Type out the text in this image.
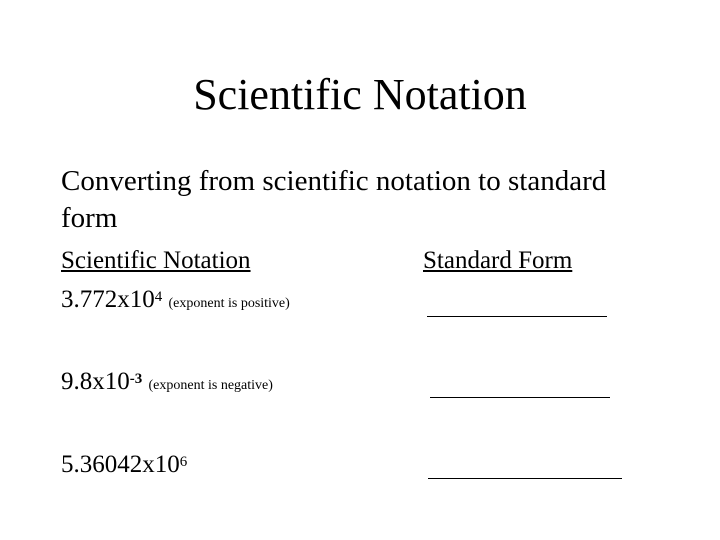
Scientific Notation
Converting from scientific notation to standard form
Scientific Notation	Standard Form
$3.772x10^4$ (exponent is positive)
$9.8x10^{-3}$ (exponent is negative)
$5.36042x10^6$
